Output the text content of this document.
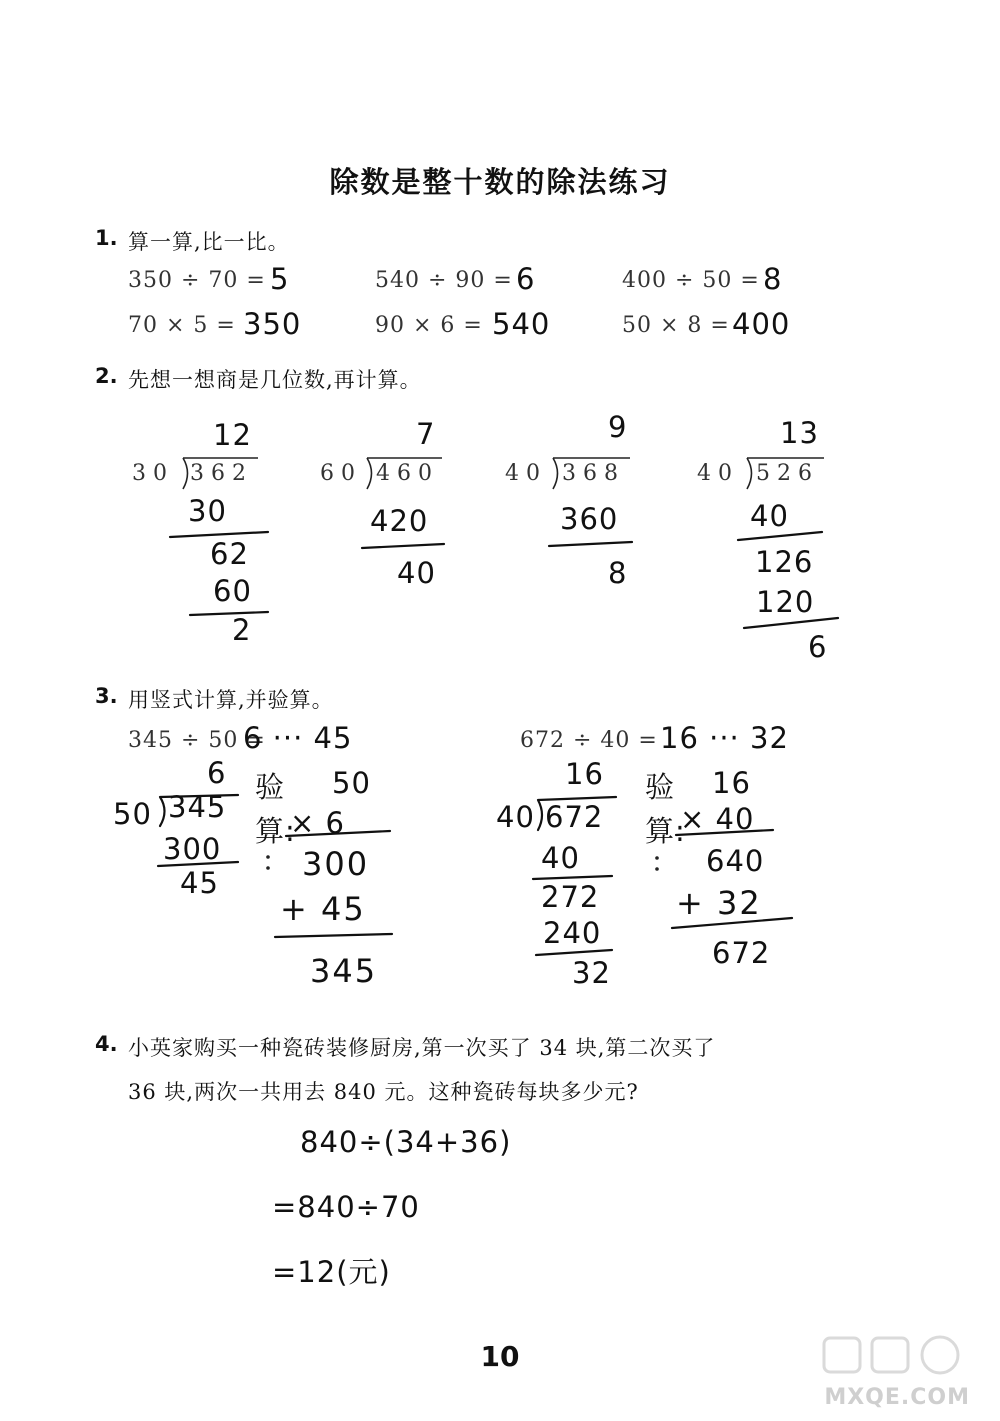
除数是整十数的除法练习
1. 算一算,比一比。
350 ÷ 70 = 5	540 ÷ 90 = 6	400 ÷ 50 = 8
70 × 5 = 350	90 × 6 = 540	50 × 8 = 400
2. 先想一想商是几位数,再计算。
12
30 362
30
62
60
2
7
60 460
420
40
9
40 368
360
8
13
40 526
40
126
120
6
3. 用竖式计算,并验算。
345 ÷ 50 =
6 ··· 45
6
50 345
300
45
验算:
50
× 6
300
+ 45
345
672 ÷ 40 = 16 ··· 32
16
40 672
40
272
240
32
验算:
16
× 40
640
+ 32
672
4. 小英家购买一种瓷砖装修厨房,第一次买了 34 块,第二次买了
36 块,两次一共用去 840 元。这种瓷砖每块多少元?
840÷(34+36)
=840÷70
=12(元)
10
MXQE.COM
